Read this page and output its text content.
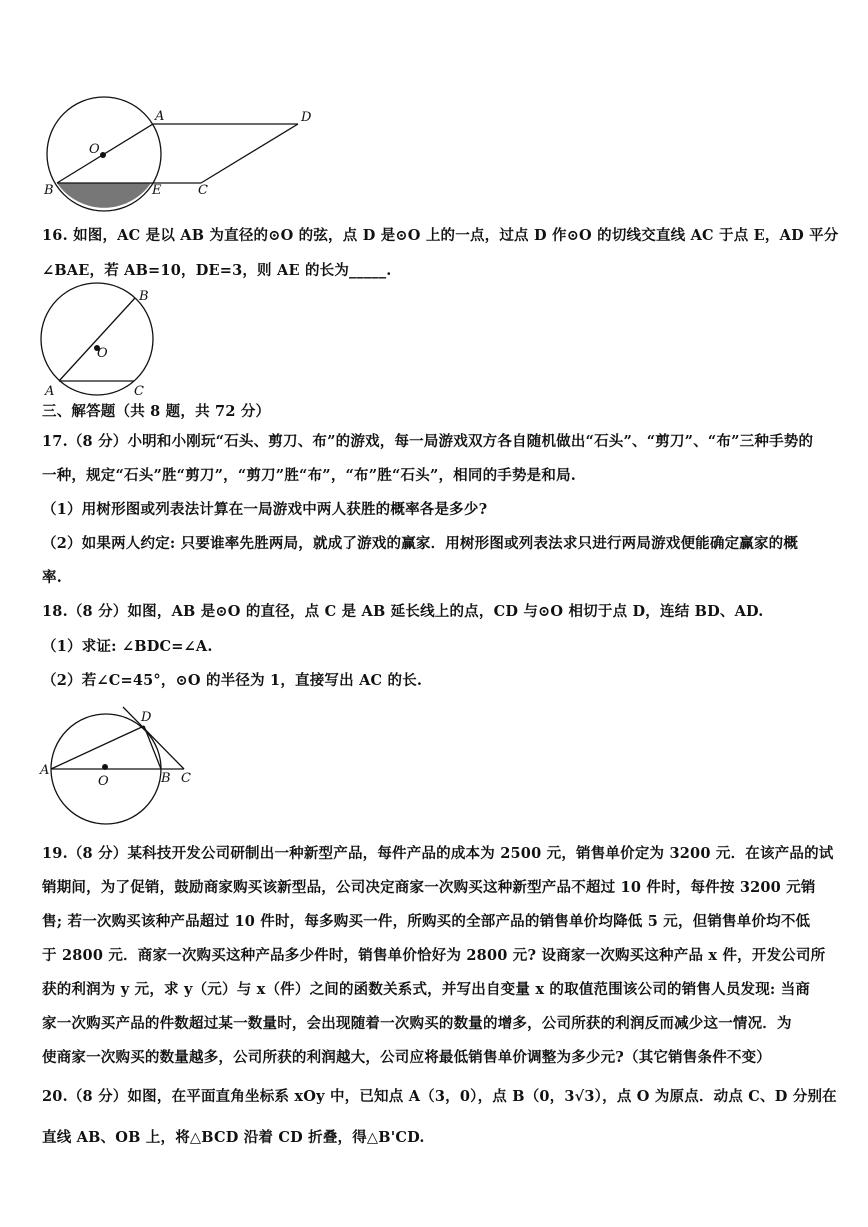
A	D
O
B	E	C
B
O
A	C
D
A
O	B C
16. 如图，AC 是以 AB 为直径的⊙O 的弦，点 D 是⊙O 上的一点，过点 D 作⊙O 的切线交直线 AC 于点 E，AD 平分
∠BAE，若 AB=10，DE=3，则 AE 的长为_____.
三、解答题（共 8 题，共 72 分）
17.（8 分）小明和小刚玩“石头、剪刀、布”的游戏，每一局游戏双方各自随机做出“石头”、“剪刀”、“布”三种手势的
一种，规定“石头”胜“剪刀”，“剪刀”胜“布”，“布”胜“石头”，相同的手势是和局.
（1）用树形图或列表法计算在一局游戏中两人获胜的概率各是多少?
（2）如果两人约定: 只要谁率先胜两局，就成了游戏的赢家．用树形图或列表法求只进行两局游戏便能确定赢家的概
率.
18.（8 分）如图，AB 是⊙O 的直径，点 C 是 AB 延长线上的点，CD 与⊙O 相切于点 D，连结 BD、AD.
（1）求证: ∠BDC=∠A.
（2）若∠C=45°，⊙O 的半径为 1，直接写出 AC 的长.
19.（8 分）某科技开发公司研制出一种新型产品，每件产品的成本为 2500 元，销售单价定为 3200 元．在该产品的试
销期间，为了促销，鼓励商家购买该新型品，公司决定商家一次购买这种新型产品不超过 10 件时，每件按 3200 元销
售; 若一次购买该种产品超过 10 件时，每多购买一件，所购买的全部产品的销售单价均降低 5 元，但销售单价均不低
于 2800 元．商家一次购买这种产品多少件时，销售单价恰好为 2800 元? 设商家一次购买这种产品 x 件，开发公司所
获的利润为 y 元，求 y（元）与 x（件）之间的函数关系式，并写出自变量 x 的取值范围该公司的销售人员发现: 当商
家一次购买产品的件数超过某一数量时，会出现随着一次购买的数量的增多，公司所获的利润反而减少这一情况．为
使商家一次购买的数量越多，公司所获的利润越大，公司应将最低销售单价调整为多少元?（其它销售条件不变）
20.（8 分）如图，在平面直角坐标系 xOy 中，已知点 A（3，0），点 B（0，3√3），点 O 为原点．动点 C、D 分别在
直线 AB、OB 上，将△BCD 沿着 CD 折叠，得△B'CD.
